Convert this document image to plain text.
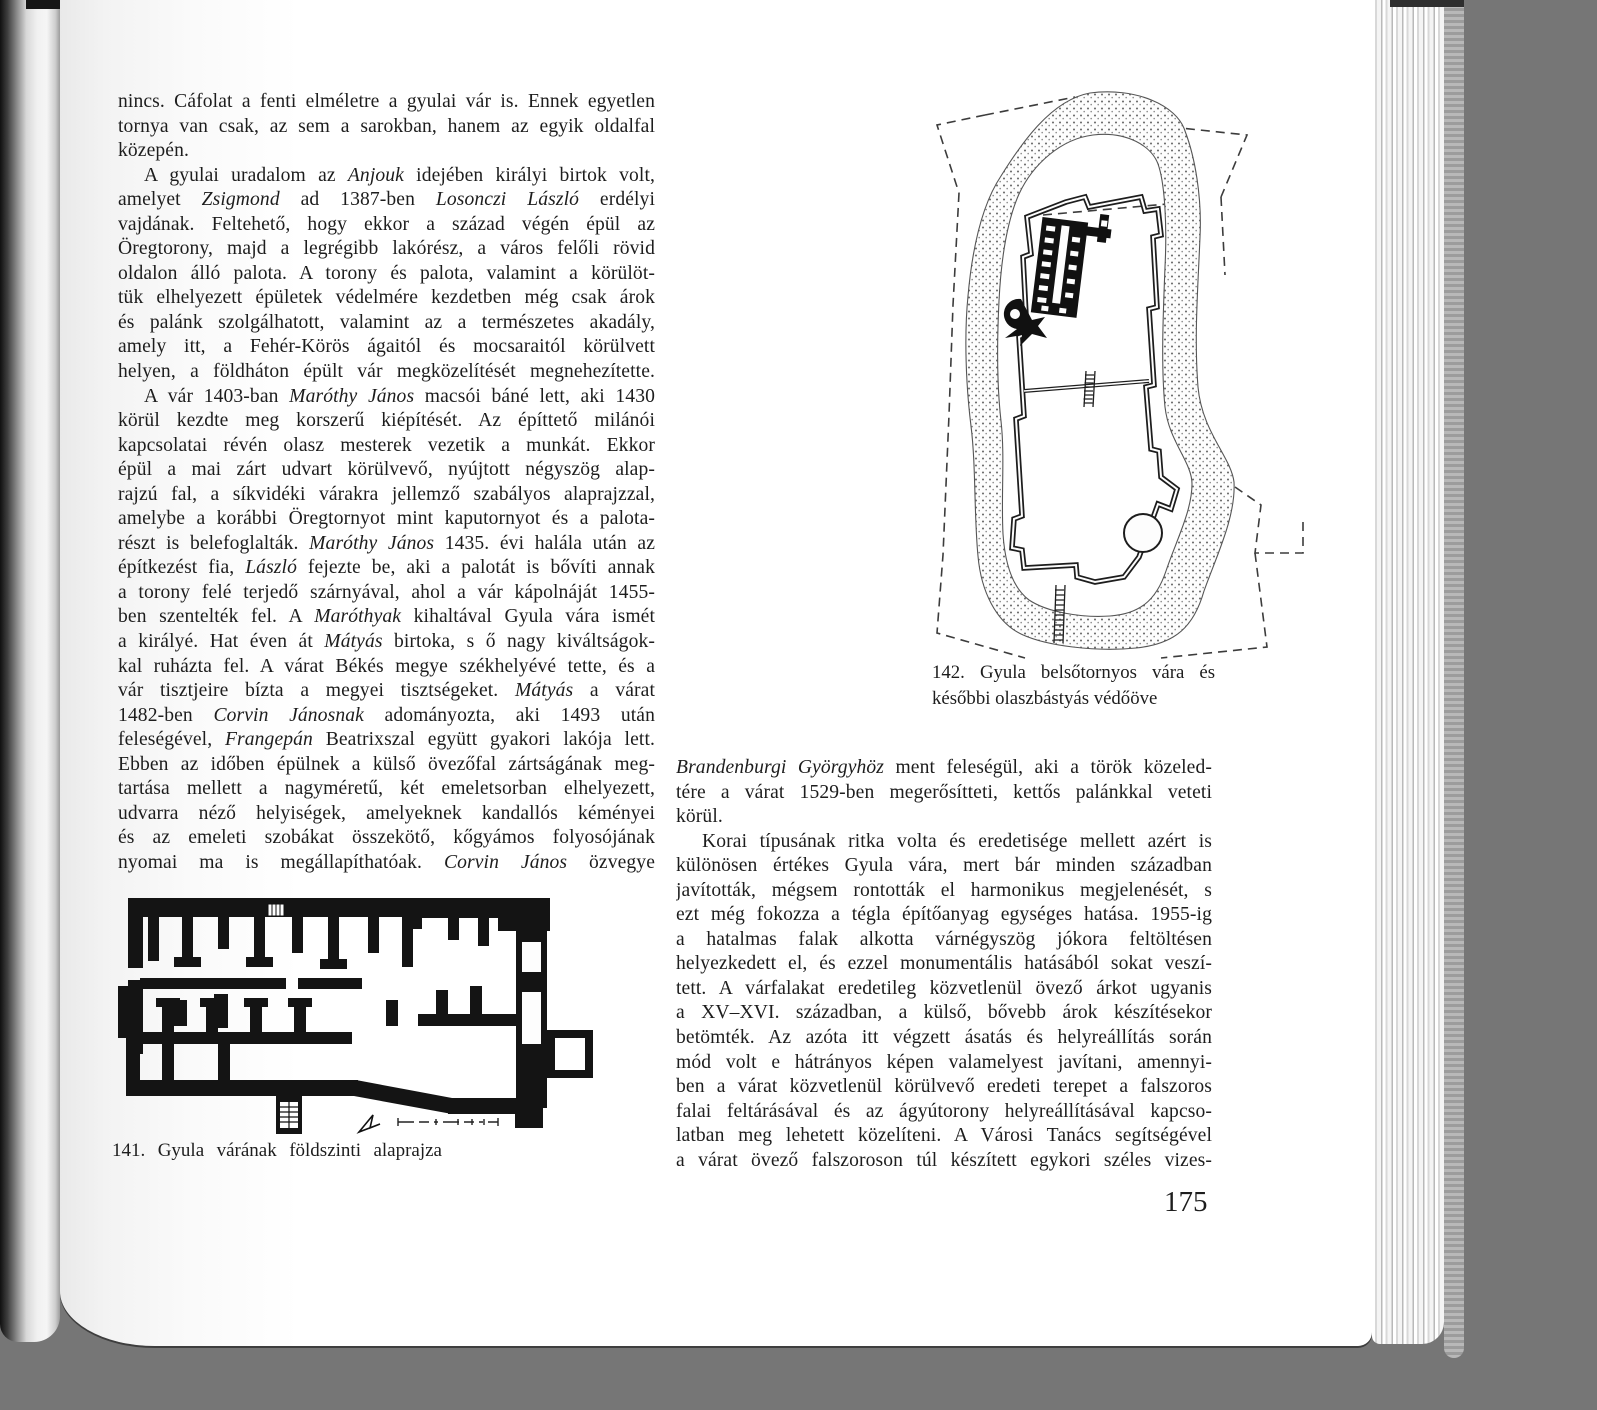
nincs. Cáfolat a fenti elméletre a gyulai vár is. Ennek egyetlen
tornya van csak, az sem a sarokban, hanem az egyik oldalfal
közepén.
A gyulai uradalom az Anjouk idejében királyi birtok volt,
amelyet Zsigmond ad 1387-ben Losonczi László erdélyi
vajdának. Feltehető, hogy ekkor a század végén épül az
Öregtorony, majd a legrégibb lakórész, a város felőli rövid
oldalon álló palota. A torony és palota, valamint a körülöt-
tük elhelyezett épületek védelmére kezdetben még csak árok
és palánk szolgálhatott, valamint az a természetes akadály,
amely itt, a Fehér-Körös ágaitól és mocsaraitól körülvett
helyen, a földháton épült vár megközelítését megnehezítette.
A vár 1403-ban Maróthy János macsói báné lett, aki 1430
körül kezdte meg korszerű kiépítését. Az építtető milánói
kapcsolatai révén olasz mesterek vezetik a munkát. Ekkor
épül a mai zárt udvart körülvevő, nyújtott négyszög alap-
rajzú fal, a síkvidéki várakra jellemző szabályos alaprajzzal,
amelybe a korábbi Öregtornyot mint kaputornyot és a palota-
részt is belefoglalták. Maróthy János 1435. évi halála után az
építkezést fia, László fejezte be, aki a palotát is bővíti annak
a torony felé terjedő szárnyával, ahol a vár kápolnáját 1455-
ben szentelték fel. A Maróthyak kihaltával Gyula vára ismét
a királyé. Hat éven át Mátyás birtoka, s ő nagy kiváltságok-
kal ruházta fel. A várat Békés megye székhelyévé tette, és a
vár tisztjeire bízta a megyei tisztségeket. Mátyás a várat
1482-ben Corvin Jánosnak adományozta, aki 1493 után
feleségével, Frangepán Beatrixszal együtt gyakori lakója lett.
Ebben az időben épülnek a külső övezőfal zártságának meg-
tartása mellett a nagyméretű, két emeletsorban elhelyezett,
udvarra néző helyiségek, amelyeknek kandallós kéményei
és az emeleti szobákat összekötő, kőgyámos folyosójának
nyomai ma is megállapíthatóak. Corvin János özvegye
Brandenburgi Györgyhöz ment feleségül, aki a török közeled-
tére a várat 1529-ben megerősítteti, kettős palánkkal veteti
körül.
Korai típusának ritka volta és eredetisége mellett azért is
különösen értékes Gyula vára, mert bár minden században
javították, mégsem rontották el harmonikus megjelenését, s
ezt még fokozza a tégla építőanyag egységes hatása. 1955-ig
a hatalmas falak alkotta várnégyszög jókora feltöltésen
helyezkedett el, és ezzel monumentális hatásából sokat veszí-
tett. A várfalakat eredetileg közvetlenül övező árkot ugyanis
a XV–XVI. században, a külső, bővebb árok készítésekor
betömték. Az azóta itt végzett ásatás és helyreállítás során
mód volt e hátrányos képen valamelyest javítani, amennyi-
ben a várat közvetlenül körülvevő eredeti terepet a falszoros
falai feltárásával és az ágyútorony helyreállításával kapcso-
latban meg lehetett közelíteni. A Városi Tanács segítségével
a várat övező falszoroson túl készített egykori széles vizes-
142. Gyula belsőtornyos vára és
későbbi olaszbástyás védőöve
141. Gyula várának földszinti alaprajza
175
